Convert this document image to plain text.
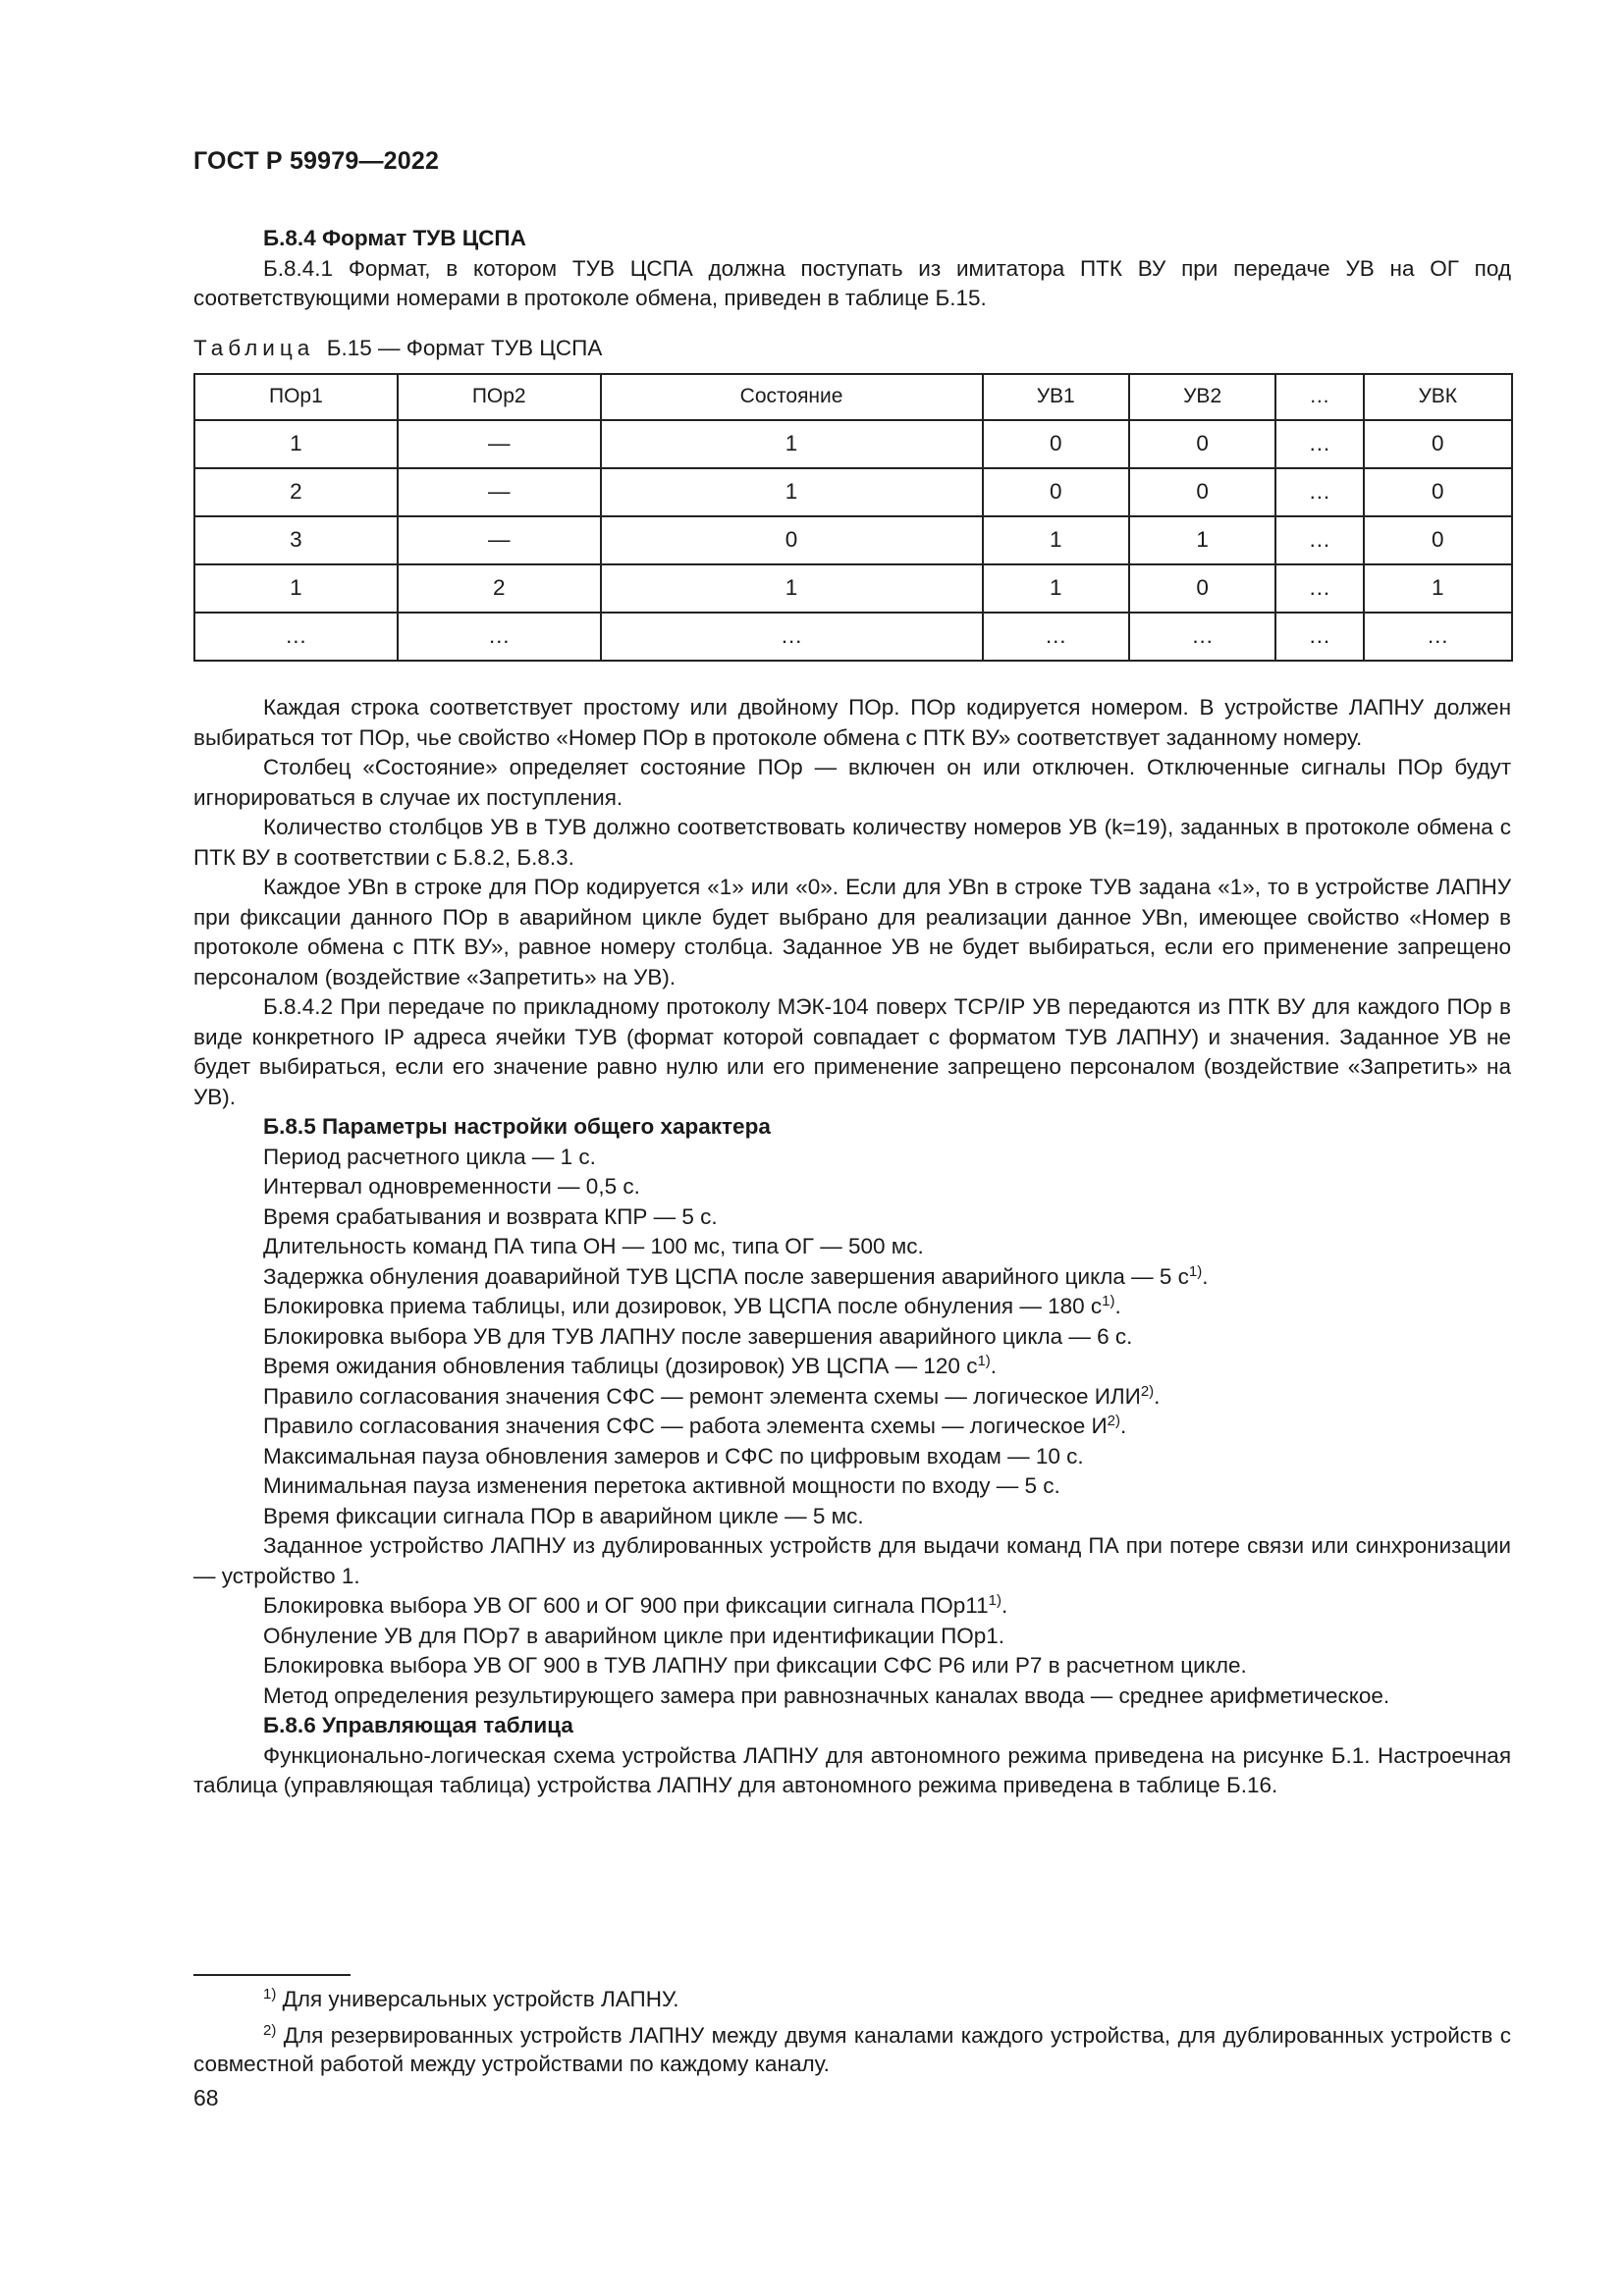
ГОСТ Р 59979—2022

Б.8.4 Формат ТУВ ЦСПА

Б.8.4.1 Формат, в котором ТУВ ЦСПА должна поступать из имитатора ПТК ВУ при передаче УВ на ОГ под соответствующими номерами в протоколе обмена, приведен в таблице Б.15.

Таблица Б.15 — Формат ТУВ ЦСПА

ПОр1	ПОр2	Состояние	УВ1	УВ2	…	УВК
1	—	1	0	0	…	0
2	—	1	0	0	…	0
3	—	0	1	1	…	0
1	2	1	1	0	…	1
…	…	…	…	…	…	…

Каждая строка соответствует простому или двойному ПОр. ПОр кодируется номером. В устройстве ЛАПНУ должен выбираться тот ПОр, чье свойство «Номер ПОр в протоколе обмена с ПТК ВУ» соответствует заданному номеру.

Столбец «Состояние» определяет состояние ПОр — включен он или отключен. Отключенные сигналы ПОр будут игнорироваться в случае их поступления.

Количество столбцов УВ в ТУВ должно соответствовать количеству номеров УВ (k=19), заданных в протоколе обмена с ПТК ВУ в соответствии с Б.8.2, Б.8.3.

Каждое УВn в строке для ПОр кодируется «1» или «0». Если для УВn в строке ТУВ задана «1», то в устройстве ЛАПНУ при фиксации данного ПОр в аварийном цикле будет выбрано для реализации данное УВn, имеющее свойство «Номер в протоколе обмена с ПТК ВУ», равное номеру столбца. Заданное УВ не будет выбираться, если его применение запрещено персоналом (воздействие «Запретить» на УВ).

Б.8.4.2 При передаче по прикладному протоколу МЭК-104 поверх TCP/IP УВ передаются из ПТК ВУ для каждого ПОр в виде конкретного IP адреса ячейки ТУВ (формат которой совпадает с форматом ТУВ ЛАПНУ) и значения. Заданное УВ не будет выбираться, если его значение равно нулю или его применение запрещено персоналом (воздействие «Запретить» на УВ).

Б.8.5 Параметры настройки общего характера

Период расчетного цикла — 1 с.

Интервал одновременности — 0,5 с.

Время срабатывания и возврата КПР — 5 с.

Длительность команд ПА типа ОН — 100 мс, типа ОГ — 500 мс.

Задержка обнуления доаварийной ТУВ ЦСПА после завершения аварийного цикла — 5 $с^{1)}$.

Блокировка приема таблицы, или дозировок, УВ ЦСПА после обнуления — 180 $с^{1)}$.

Блокировка выбора УВ для ТУВ ЛАПНУ после завершения аварийного цикла — 6 с.

Время ожидания обновления таблицы (дозировок) УВ ЦСПА — 120 $с^{1)}$.

Правило согласования значения СФС — ремонт элемента схемы — логическое ИЛИ$^{2)}$.

Правило согласования значения СФС — работа элемента схемы — логическое $И^{2)}$.

Максимальная пауза обновления замеров и СФС по цифровым входам — 10 с.

Минимальная пауза изменения перетока активной мощности по входу — 5 с.

Время фиксации сигнала ПОр в аварийном цикле — 5 мс.

Заданное устройство ЛАПНУ из дублированных устройств для выдачи команд ПА при потере связи или синхронизации — устройство 1.

Блокировка выбора УВ ОГ 600 и ОГ 900 при фиксации сигнала ПОр11$^{1)}$.

Обнуление УВ для ПОр7 в аварийном цикле при идентификации ПОр1.

Блокировка выбора УВ ОГ 900 в ТУВ ЛАПНУ при фиксации СФС Р6 или Р7 в расчетном цикле.

Метод определения результирующего замера при равнозначных каналах ввода — среднее арифметическое.

Б.8.6 Управляющая таблица

Функционально-логическая схема устройства ЛАПНУ для автономного режима приведена на рисунке Б.1. Настроечная таблица (управляющая таблица) устройства ЛАПНУ для автономного режима приведена в таблице Б.16.

$^{1)}$ Для универсальных устройств ЛАПНУ.

$^{2)}$ Для резервированных устройств ЛАПНУ между двумя каналами каждого устройства, для дублированных устройств с совместной работой между устройствами по каждому каналу.

68
